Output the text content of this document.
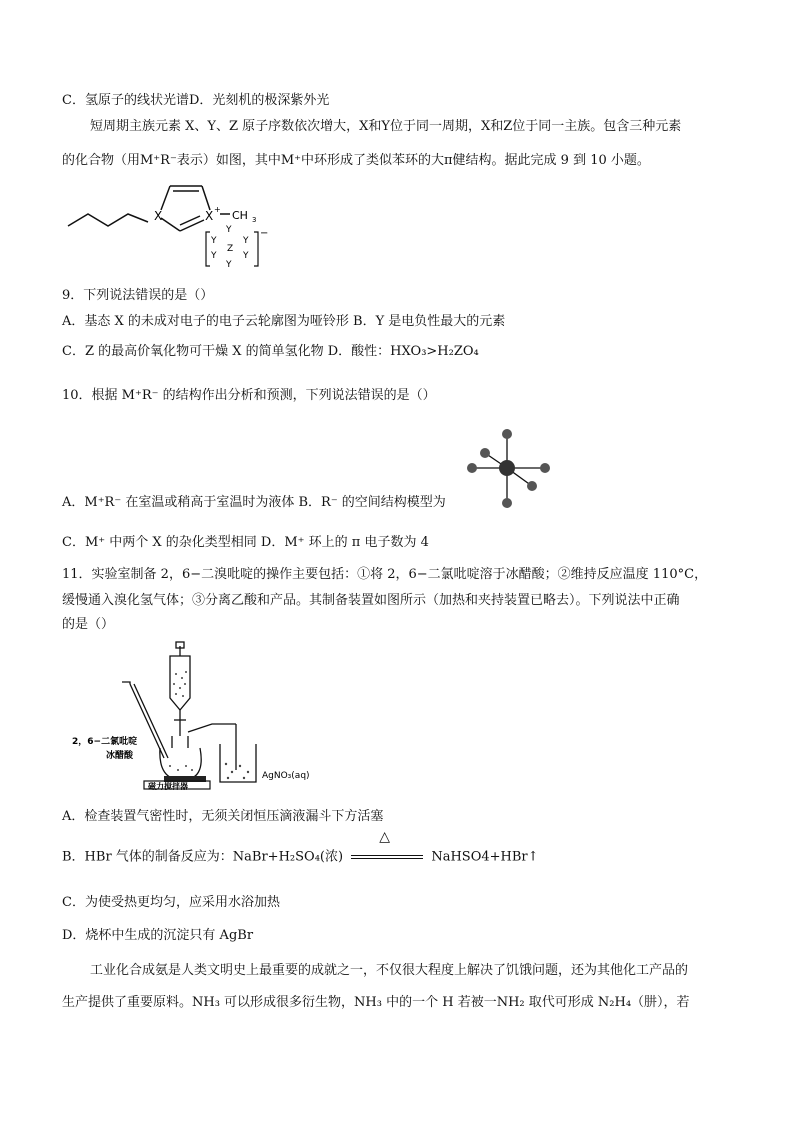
C．氢原子的线状光谱D．光刻机的极深紫外光
短周期主族元素 X、Y、Z 原子序数依次增大，X和Y位于同一周期，X和Z位于同一主族。包含三种元素
的化合物（用M⁺R⁻表示）如图，其中M⁺中环形成了类似苯环的大π健结构。据此完成 9 到 10 小题。
X	X + CH 3
Y
Y	Y
Z
Y	Y
Y
−
9．下列说法错误的是（）
A．基态 X 的未成对电子的电子云轮廓图为哑铃形 B．Y 是电负性最大的元素
C．Z 的最高价氧化物可干燥 X 的简单氢化物 D．酸性：HXO₃>H₂ZO₄
10．根据 M⁺R⁻ 的结构作出分析和预测，下列说法错误的是（）
A．M⁺R⁻ 在室温或稍高于室温时为液体 B．R⁻ 的空间结构模型为
C．M⁺ 中两个 X 的杂化类型相同 D．M⁺ 环上的 π 电子数为 4
11．实验室制备 2，6−二溴吡啶的操作主要包括：①将 2，6−二氯吡啶溶于冰醋酸；②维持反应温度 110°C，
缓慢通入溴化氢气体；③分离乙酸和产品。其制备装置如图所示（加热和夹持装置已略去）。下列说法中正确
的是（）
2，6−二氯吡啶
冰醋酸
磁力搅拌器
AgNO₃(aq)
A．检查装置气密性时，无须关闭恒压滴液漏斗下方活塞
B．HBr 气体的制备反应为：NaBr+H₂SO₄(浓)
△
NaHSO4+HBr↑
C．为使受热更均匀，应采用水浴加热
D．烧杯中生成的沉淀只有 AgBr
工业化合成氨是人类文明史上最重要的成就之一，不仅很大程度上解决了饥饿问题，还为其他化工产品的
生产提供了重要原料。NH₃ 可以形成很多衍生物，NH₃ 中的一个 H 若被一NH₂ 取代可形成 N₂H₄（肼），若
